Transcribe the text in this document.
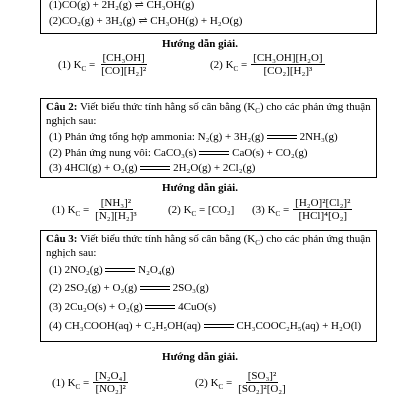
(1)CO(g) + 2H₂(g) ⇌ CH₃OH(g)
(2)CO₂(g) + 3H₂(g) ⇌ CH₃OH(g) + H₂O(g)
Hướng dẫn giải.
(1) $K_C = \frac{\text{[CH₃OH]}}{\text{[CO][H₂]²}}$	(2) $K_C = \frac{\text{[CH₃OH][H₂O]}}{\text{[CO₂][H₂]³}}$
Câu 2: Viết biểu thức tính hằng số cân bằng $(K_C)$ cho các phản ứng thuận
nghịch sau:
(1) Phản ứng tổng hợp ammonia: N₂(g) + 3H₂(g)	2NH₃(g)
(2) Phản ứng nung vôi: CaCO₃(s)	CaO(s) + CO₂(g)
(3) 4HCl(g) + O₂(g)	2H₂O(g) + 2Cl₂(g)
Hướng dẫn giải.
(1) $K_C = \frac{\text{[NH₃]²}}{\text{[N₂][H₂]³}}$	(2) $K_C = [CO_2]$ (3) $K_C = \frac{\text{[H₂O]²[Cl₂]²}}{\text{[HCl]⁴[O₂]}}$
Câu 3: Viết biểu thức tính hằng số cân bằng $(K_C)$ cho các phản ứng thuận
nghịch sau:
(1) 2NO₂(g)	N₂O₄(g)
(2) 2SO₂(g) + O₂(g)	2SO₃(g)
(3) 2Cu₂O(s) + O₂(g)	4CuO(s)
(4) CH₃COOH(aq) + C₂H₅OH(aq)	CH₃COOC₂H₅(aq) + H₂O(l)
Hướng dẫn giải.
(1) $K_C = \frac{\text{[N₂O₄]}}{\text{[NO₂]²}}$	(2) $K_C = \frac{\text{[SO₃]²}}{\text{[SO₂]²[O₂]}}$
